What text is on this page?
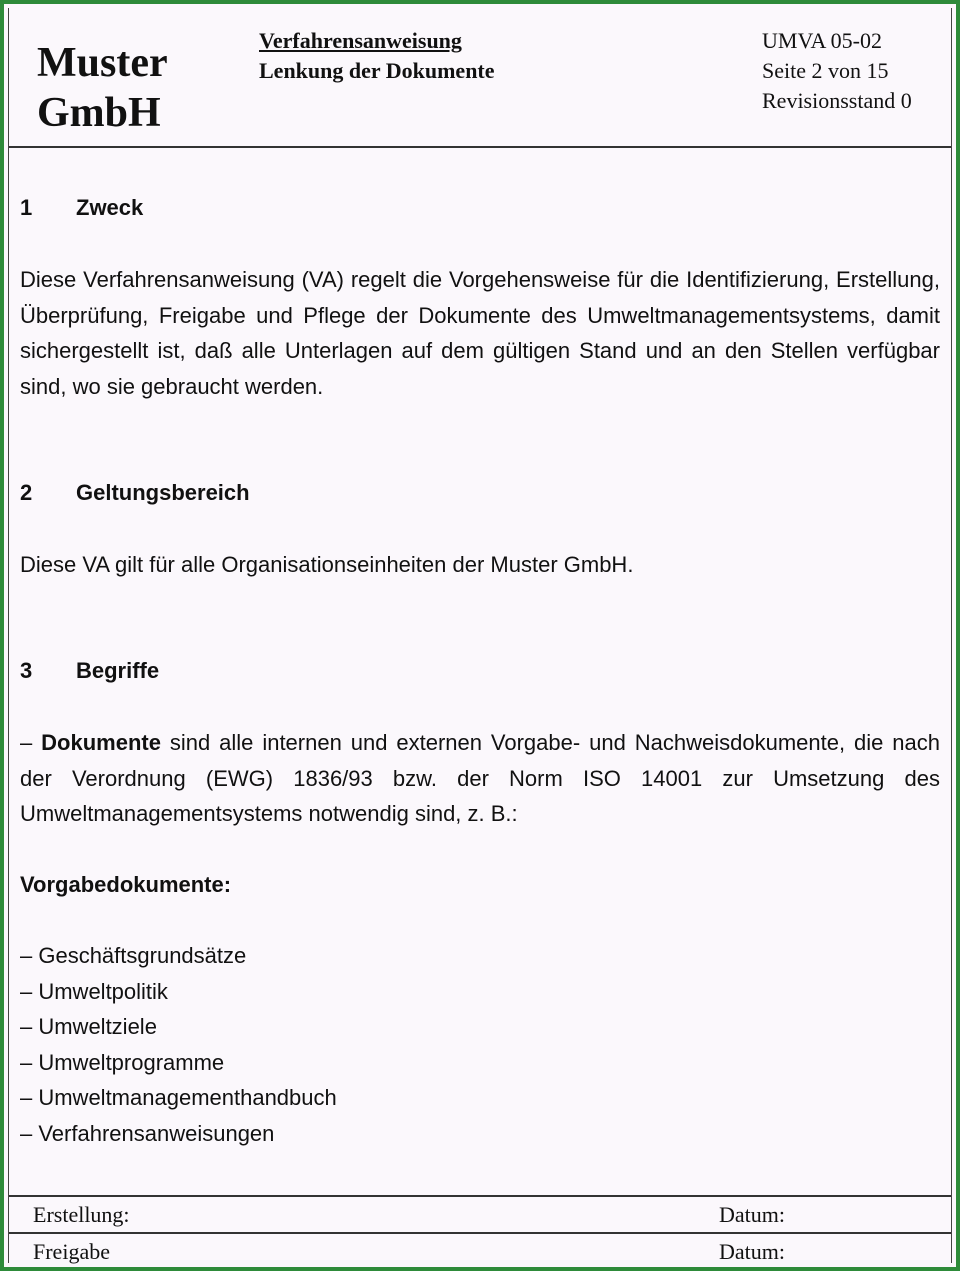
Muster
GmbH
Verfahrensanweisung
Lenkung der Dokumente
UMVA 05-02
Seite 2 von 15
Revisionsstand 0
1 Zweck
Diese Verfahrensanweisung (VA) regelt die Vorgehensweise für die Identifizierung, Erstellung, Überprüfung, Freigabe und Pflege der Dokumente des Umweltmanagementsystems, damit sichergestellt ist, daß alle Unterlagen auf dem gültigen Stand und an den Stellen verfügbar sind, wo sie gebraucht werden.
2 Geltungsbereich
Diese VA gilt für alle Organisationseinheiten der Muster GmbH.
3 Begriffe
– Dokumente sind alle internen und externen Vorgabe- und Nachweisdokumente, die nach der Verordnung (EWG) 1836/93 bzw. der Norm ISO 14001 zur Umsetzung des Umweltmanagementsystems notwendig sind, z. B.:
Vorgabedokumente:
– Geschäftsgrundsätze
– Umweltpolitik
– Umweltziele
– Umweltprogramme
– Umweltmanagementhandbuch
– Verfahrensanweisungen
Erstellung:	Datum:
Freigabe	Datum:
